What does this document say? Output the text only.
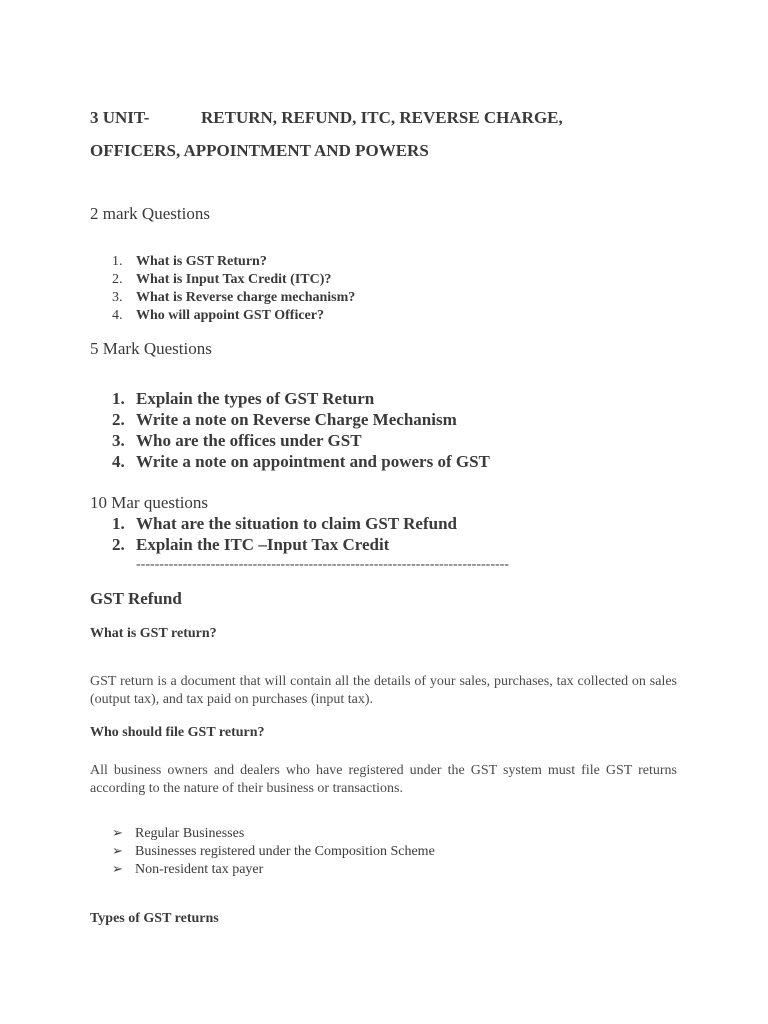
3 UNIT-	RETURN, REFUND, ITC, REVERSE CHARGE,
OFFICERS, APPOINTMENT AND POWERS
2 mark Questions
1. What is GST Return?
2. What is Input Tax Credit (ITC)?
3. What is Reverse charge mechanism?
4. Who will appoint GST Officer?
5 Mark Questions
1. Explain the types of GST Return
2. Write a note on Reverse Charge Mechanism
3. Who are the offices under GST
4. Write a note on appointment and powers of GST
10 Mar questions
1. What are the situation to claim GST Refund
2. Explain the ITC –Input Tax Credit
--------------------------------------------------------------------------------
GST Refund
What is GST return?
GST return is a document that will contain all the details of your sales, purchases, tax collected on sales (output tax), and tax paid on purchases (input tax).
Who should file GST return?
All business owners and dealers who have registered under the GST system must file GST returns according to the nature of their business or transactions.
➢ Regular Businesses
➢ Businesses registered under the Composition Scheme
➢ Non-resident tax payer
Types of GST returns
